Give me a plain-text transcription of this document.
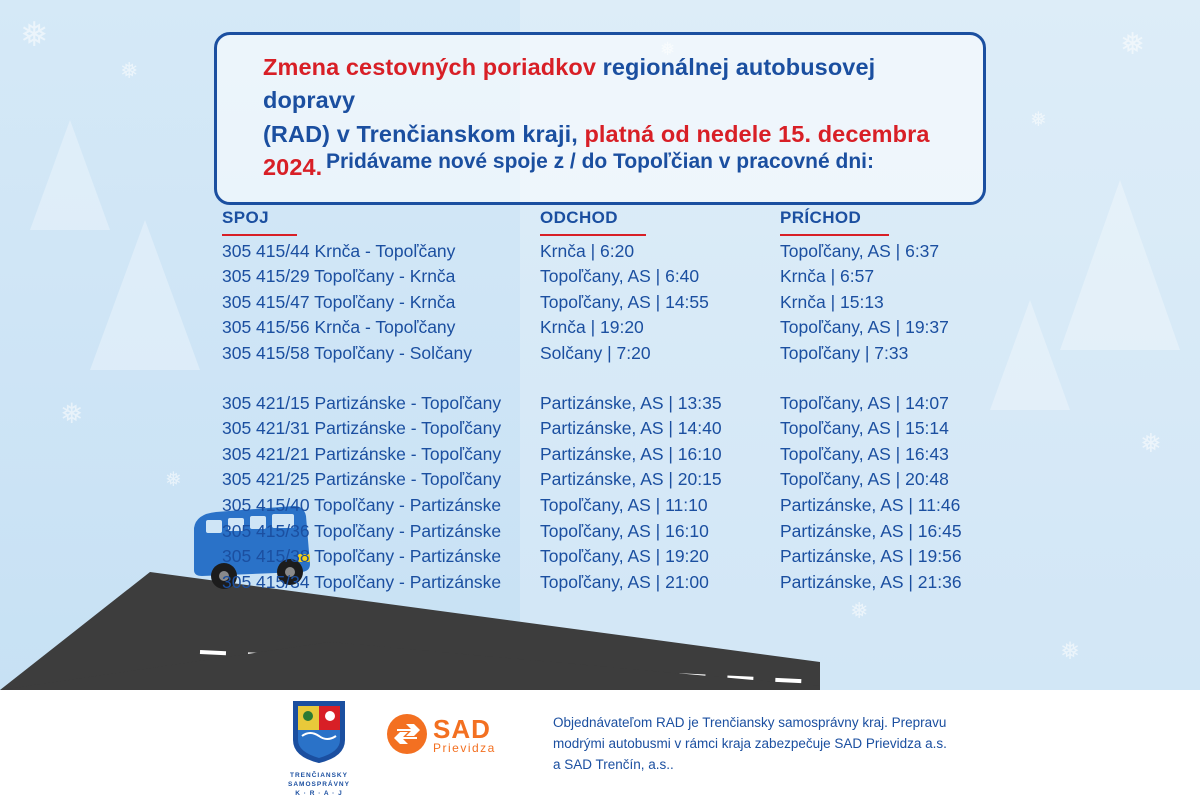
❅
❅
❅
❅
❅
❅
❅
❅
❅
Zmena cestovných poriadkov regionálnej autobusovej dopravy
(RAD) v Trenčianskom kraji, platná od nedele 15. decembra 2024. Pridávame nové spoje z / do Topoľčian v pracovné dni:
SPOJ	ODCHOD	PRÍCHOD
305 415/44 Krnča - Topoľčany	Krnča | 6:20	Topoľčany, AS | 6:37
305 415/29 Topoľčany - Krnča	Topoľčany, AS | 6:40	Krnča | 6:57
305 415/47 Topoľčany - Krnča	Topoľčany, AS | 14:55	Krnča | 15:13
305 415/56 Krnča - Topoľčany	Krnča | 19:20	Topoľčany, AS | 19:37
305 415/58 Topoľčany - Solčany	Solčany | 7:20	Topoľčany | 7:33
305 421/15 Partizánske - Topoľčany	Partizánske, AS | 13:35	Topoľčany, AS | 14:07
305 421/31 Partizánske - Topoľčany	Partizánske, AS | 14:40	Topoľčany, AS | 15:14
305 421/21 Partizánske - Topoľčany	Partizánske, AS | 16:10	Topoľčany, AS | 16:43
305 421/25 Partizánske - Topoľčany	Partizánske, AS | 20:15	Topoľčany, AS | 20:48
305 415/40 Topoľčany - Partizánske	Topoľčany, AS | 11:10	Partizánske, AS | 11:46
305 415/36 Topoľčany - Partizánske	Topoľčany, AS | 16:10	Partizánske, AS | 16:45
305 415/38 Topoľčany - Partizánske	Topoľčany, AS | 19:20	Partizánske, AS | 19:56
305 415/34 Topoľčany - Partizánske	Topoľčany, AS | 21:00	Partizánske, AS | 21:36
TRENČIANSKY
SAMOSPRÁVNY
K · R · A · J
SAD
Prievidza
Objednávateľom RAD je Trenčiansky samosprávny kraj. Prepravu
modrými autobusmi v rámci kraja zabezpečuje SAD Prievidza a.s.
a SAD Trenčín, a.s..
